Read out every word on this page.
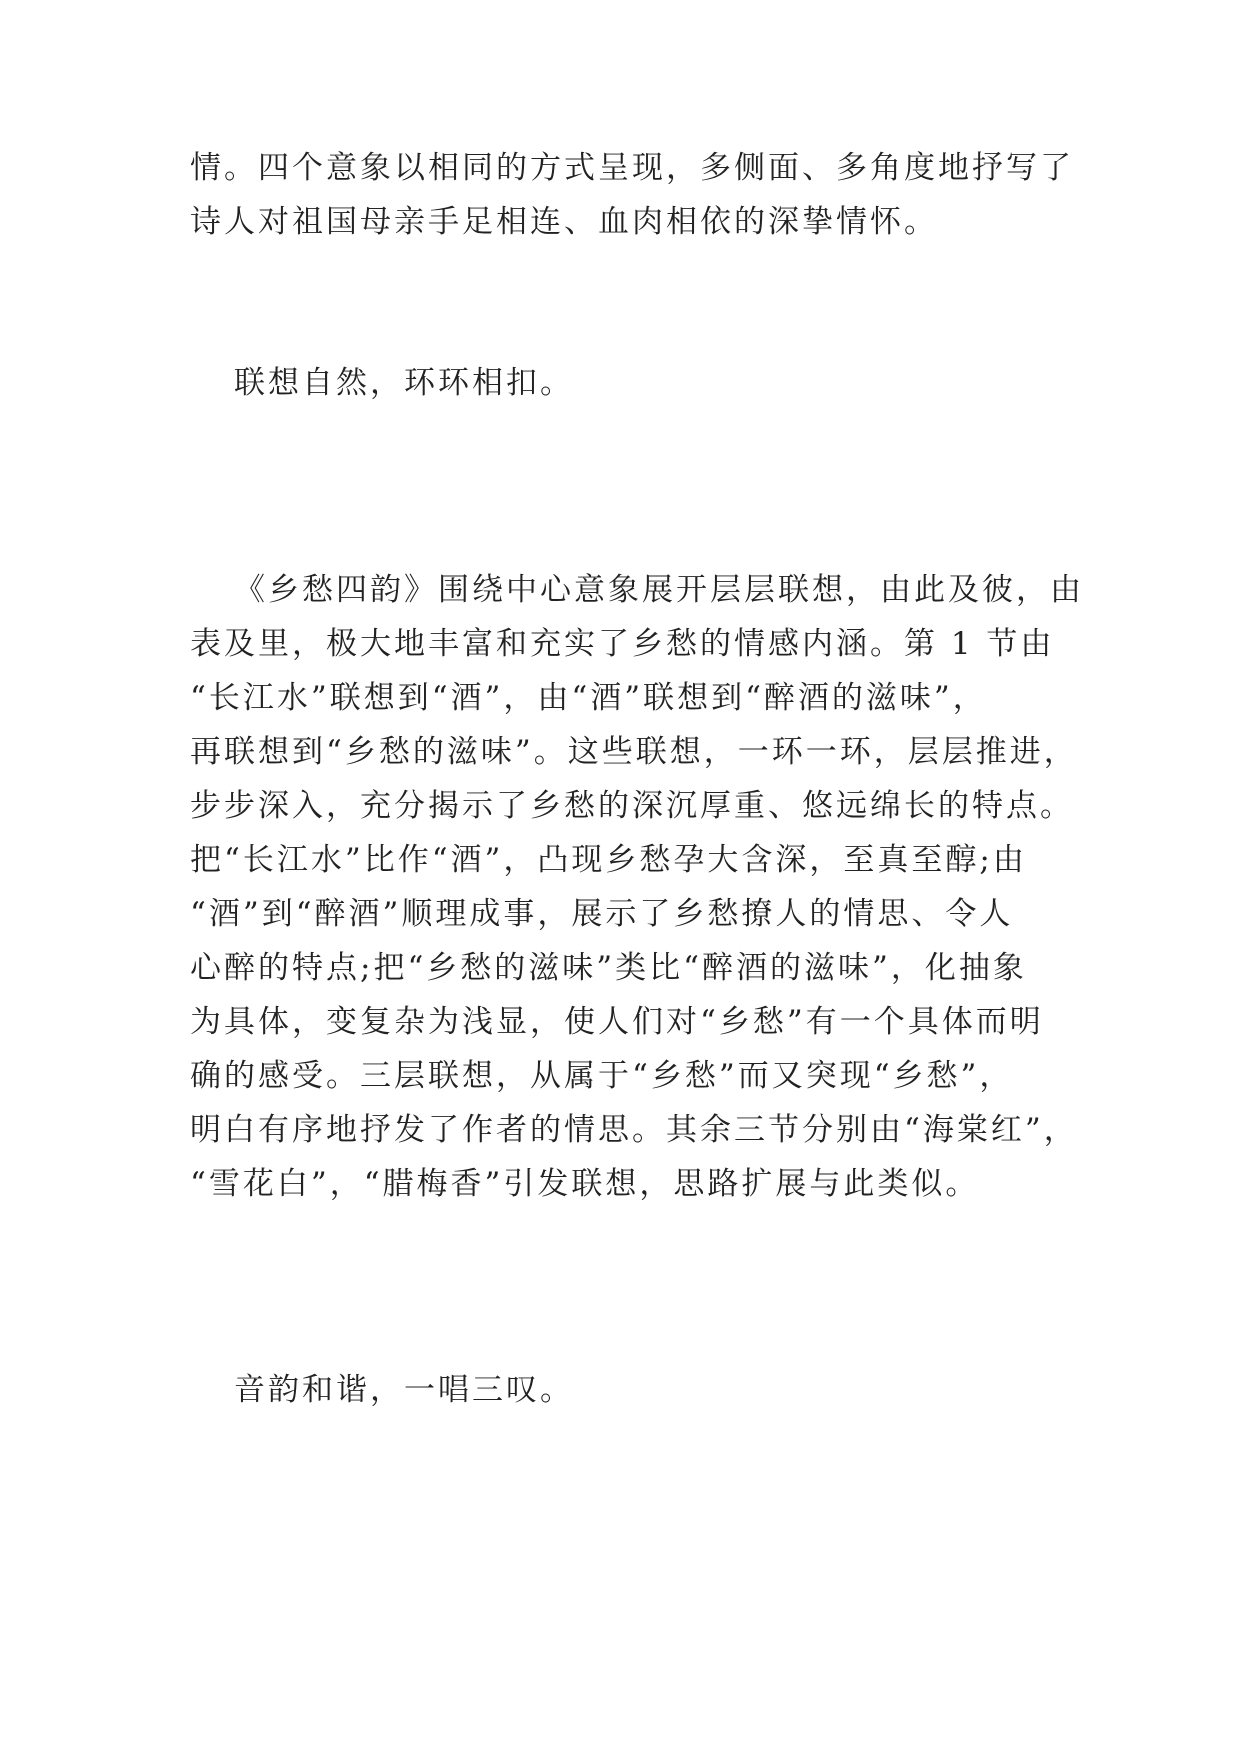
情。四个意象以相同的方式呈现，多侧面、多角度地抒写了
诗人对祖国母亲手足相连、血肉相依的深挚情怀。
联想自然，环环相扣。
《乡愁四韵》围绕中心意象展开层层联想，由此及彼，由
表及里，极大地丰富和充实了乡愁的情感内涵。第 1 节由
“长江水”联想到“酒”，由“酒”联想到“醉酒的滋味”，
再联想到“乡愁的滋味”。这些联想，一环一环，层层推进，
步步深入，充分揭示了乡愁的深沉厚重、悠远绵长的特点。
把“长江水”比作“酒”，凸现乡愁孕大含深，至真至醇;由
“酒”到“醉酒”顺理成事，展示了乡愁撩人的情思、令人
心醉的特点;把“乡愁的滋味”类比“醉酒的滋味”，化抽象
为具体，变复杂为浅显，使人们对“乡愁”有一个具体而明
确的感受。三层联想，从属于“乡愁”而又突现“乡愁”，
明白有序地抒发了作者的情思。其余三节分别由“海棠红”，
“雪花白”，“腊梅香”引发联想，思路扩展与此类似。
音韵和谐，一唱三叹。
